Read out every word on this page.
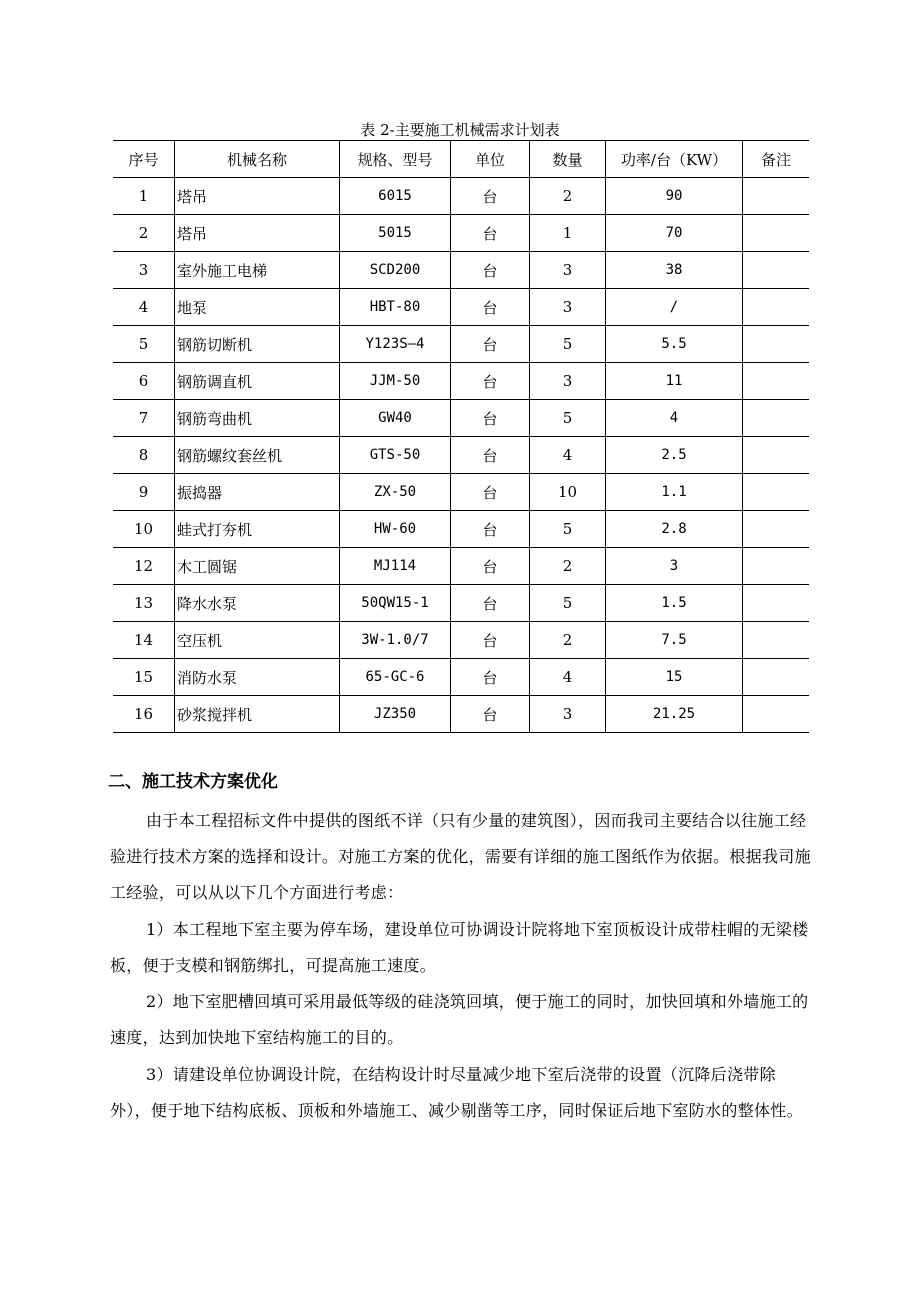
表 2-主要施工机械需求计划表
序号	机械名称	规格、型号	单位	数量	功率/台（KW）	备注
1	塔吊	6015	台	2	90	
2	塔吊	5015	台	1	70	
3	室外施工电梯	SCD200	台	3	38	
4	地泵	HBT-80	台	3	/	
5	钢筋切断机	Y123S—4	台	5	5.5	
6	钢筋调直机	JJM-50	台	3	11	
7	钢筋弯曲机	GW40	台	5	4	
8	钢筋螺纹套丝机	GTS-50	台	4	2.5	
9	振捣器	ZX-50	台	10	1.1	
10	蛙式打夯机	HW-60	台	5	2.8	
12	木工圆锯	MJ114	台	2	3	
13	降水水泵	50QW15-1	台	5	1.5	
14	空压机	3W-1.0/7	台	2	7.5	
15	消防水泵	65-GC-6	台	4	15	
16	砂浆搅拌机	JZ350	台	3	21.25	
二、施工技术方案优化

由于本工程招标文件中提供的图纸不详（只有少量的建筑图），因而我司主要结合以往施工经验进行技术方案的选择和设计。对施工方案的优化，需要有详细的施工图纸作为依据。根据我司施工经验，可以从以下几个方面进行考虑：

1）本工程地下室主要为停车场，建设单位可协调设计院将地下室顶板设计成带柱帽的无梁楼板，便于支模和钢筋绑扎，可提高施工速度。

2）地下室肥槽回填可采用最低等级的硅浇筑回填，便于施工的同时，加快回填和外墙施工的速度，达到加快地下室结构施工的目的。

3）请建设单位协调设计院，在结构设计时尽量减少地下室后浇带的设置（沉降后浇带除外），便于地下结构底板、顶板和外墙施工、减少剔凿等工序，同时保证后地下室防水的整体性。
